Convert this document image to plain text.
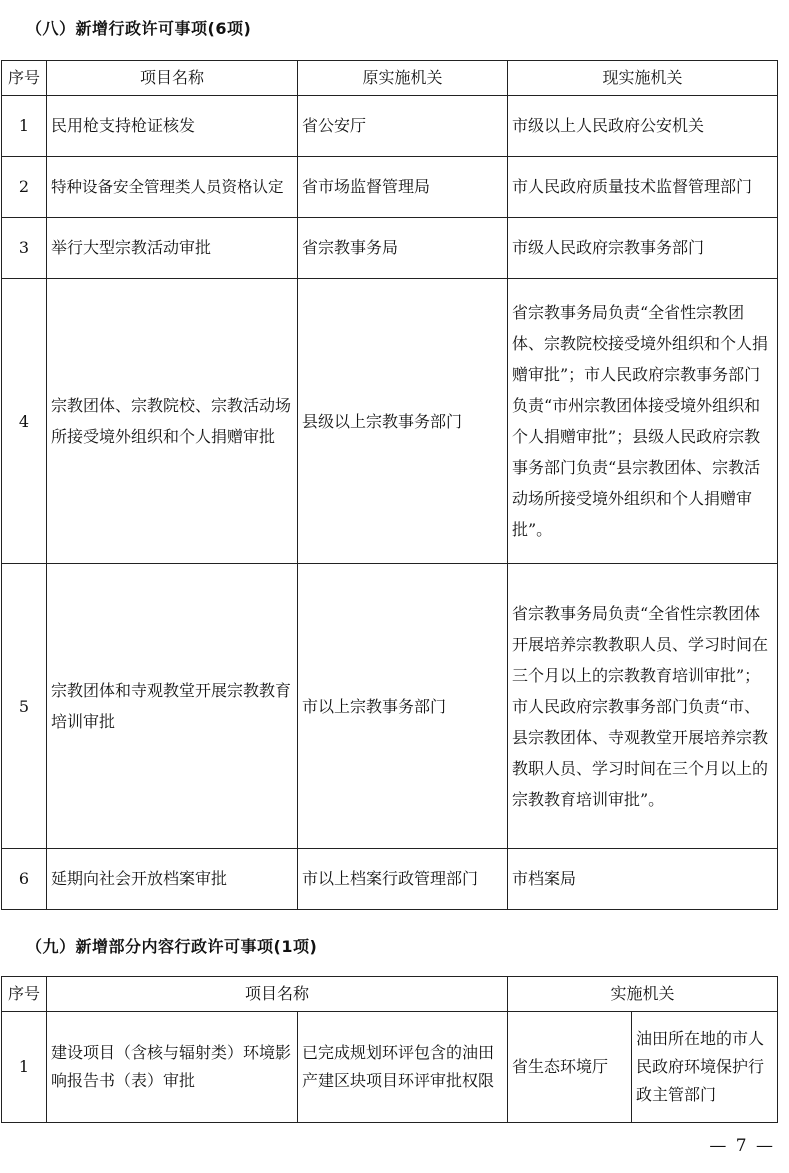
（八）新增行政许可事项(6项)
序号	项目名称	原实施机关	现实施机关
1	民用枪支持枪证核发	省公安厅	市级以上人民政府公安机关
2	特种设备安全管理类人员资格认定	省市场监督管理局	市人民政府质量技术监督管理部门
3	举行大型宗教活动审批	省宗教事务局	市级人民政府宗教事务部门
4	宗教团体、宗教院校、宗教活动场所接受境外组织和个人捐赠审批	县级以上宗教事务部门	省宗教事务局负责“全省性宗教团体、宗教院校接受境外组织和个人捐赠审批”；市人民政府宗教事务部门负责“市州宗教团体接受境外组织和个人捐赠审批”；县级人民政府宗教事务部门负责“县宗教团体、宗教活动场所接受境外组织和个人捐赠审批”。
5	宗教团体和寺观教堂开展宗教教育培训审批	市以上宗教事务部门	省宗教事务局负责“全省性宗教团体开展培养宗教教职人员、学习时间在三个月以上的宗教教育培训审批”；市人民政府宗教事务部门负责“市、县宗教团体、寺观教堂开展培养宗教教职人员、学习时间在三个月以上的宗教教育培训审批”。
6	延期向社会开放档案审批	市以上档案行政管理部门	市档案局
（九）新增部分内容行政许可事项(1项)
序号	项目名称		实施机关	
1	建设项目（含核与辐射类）环境影响报告书（表）审批	已完成规划环评包含的油田产建区块项目环评审批权限	省生态环境厅	油田所在地的市人民政府环境保护行政主管部门
— 7 —
